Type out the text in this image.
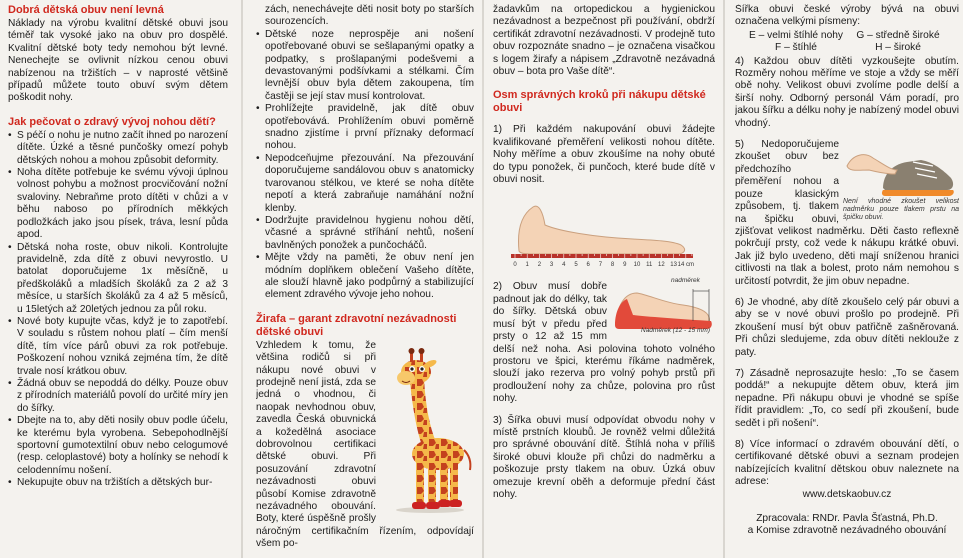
Dobrá dětská obuv není levná

Náklady na výrobu kvalitní dětské obuvi jsou téměř tak vysoké jako na obuv pro dospělé. Kvalitní dětské boty tedy nemohou být levné. Nenechejte se ovlivnit nízkou cenou obuvi nabízenou na tržištích – v naprosté většině případů můžete touto obuví svým dětem poškodit nohy.

Jak pečovat o zdravý vývoj nohou dětí?
• S péčí o nohu je nutno začít ihned po narození dítěte. Úzké a těsné punčošky omezí pohyb dětských nohou a mohou způsobit deformity.
• Noha dítěte potřebuje ke svému vývoji úplnou volnost pohybu a možnost procvičování nožní svaloviny. Nebraňme proto dítěti v chůzi a v běhu naboso po přírodních měkkých podložkách jako jsou písek, tráva, lesní půda apod.
• Dětská noha roste, obuv nikoli. Kontrolujte pravidelně, zda dítě z obuvi nevyrostlo. U batolat doporučujeme 1x měsíčně, u předškoláků a mladších školáků za 2 až 3 měsíce, u starších školáků za 4 až 5 měsíců, u 15letých až 20letých jednou za půl roku.
• Nové boty kupujte včas, když je to zapotřebí. V souladu s růstem nohou platí – čím menší dítě, tím více párů obuvi za rok potřebuje. Poškození nohou vzniká zejména tím, že dítě trvale nosí krátkou obuv.
• Žádná obuv se nepoddá do délky. Pouze obuv z přírodních materiálů povolí do určité míry jen do šířky.
• Dbejte na to, aby děti nosily obuv podle účelu, ke kterému byla vyrobena. Sebepohodlnější sportovní gumotextilní obuv nebo celogumové (resp. celoplastové) boty a holínky se nehodí k celodennímu nošení.
• Nekupujte obuv na tržištích a dětských bur-

zách, nenechávejte děti nosit boty po starších sourozencích.

• Dětské noze neprospěje ani nošení opotřebované obuvi se sešlapanými opatky a podpatky, s prošlapanými podešvemi a devastovanými podšívkami a stélkami. Čím levnější obuv byla dětem zakoupena, tím častěji se její stav musí kontrolovat.
• Prohlížejte pravidelně, jak dítě obuv opotřebovává. Prohlížením obuvi poměrně snadno zjistíme i první příznaky deformací nohou.
• Nepodceňujme přezouvání. Na přezouvání doporučujeme sandálovou obuv s anatomicky tvarovanou stélkou, ve které se noha dítěte nepotí a která zabraňuje namáhání nožní klenby.
• Dodržujte pravidelnou hygienu nohou dětí, včasné a správné stříhání nehtů, nošení bavlněných ponožek a punčocháčů.
• Mějte vždy na paměti, že obuv není jen módním doplňkem oblečení Vašeho dítěte, ale slouží hlavně jako podpůrný a stabilizující element zdravého vývoje jeho nohou.
Žirafa – garant zdravotní nezávadnosti dětské obuvi

Vzhledem k tomu, že většina rodičů si při nákupu nové obuvi v prodejně není jistá, zda se jedná o vhodnou, či naopak nevhodnou obuv, zavedla Česká obuvnická a kožedělná asociace dobrovolnou certifikaci dětské obuvi. Při posuzování zdravotní nezávadnosti obuvi působí Komise zdravotně nezávadného obouvání. Boty, které úspěšně prošly náročným certifikačním řízením, odpovídají všem po-

žadavkům na ortopedickou a hygienickou nezávadnost a bezpečnost při používání, obdrží certifikát zdravotní nezávadnosti. V prodejně tuto obuv rozpoznáte snadno – je označena visačkou s logem žirafy a nápisem „Zdravotně nezávadná obuv – bota pro Vaše dítě“.

Osm správných kroků při nákupu dětské obuvi

1) Při každém nakupování obuvi žádejte kvalifikované přeměření velikosti nohou dítěte. Nohy měříme a obuv zkoušíme na nohy obuté do typu ponožek, či punčoch, které bude dítě v obuvi nosit.

0 1 2 3 4 5 6 7 8 9 10 11 12 13 14 cm
nadměrek
Nadměrek (12 - 15 mm)

2) Obuv musí dobře padnout jak do délky, tak do šířky. Dětská obuv musí být v předu před prsty o 12 až 15 mm delší než noha. Asi polovina tohoto volného prostoru ve špici, kterému říkáme nadměrek, slouží jako rezerva pro volný pohyb prstů při prodloužení nohy za chůze, polovina pro růst nohy.

3) Šířka obuvi musí odpovídat obvodu nohy v místě prstních kloubů. Je rovněž velmi důležitá pro správné obouvání dítě. Štíhlá noha v příliš široké obuvi klouže při chůzi do nadměrku a poškozuje prsty tlakem na obuv. Úzká obuv omezuje krevní oběh a deformuje přední část nohy.

Šířka obuvi české výroby bývá na obuvi označena velkými písmeny:

E – velmi štíhlé nohy	G – středně široké
F – štíhlé	H – široké

4) Každou obuv dítěti vyzkoušejte obutím. Rozměry nohou měříme ve stoje a vždy se měří obě nohy. Velikost obuvi zvolíme podle delší a širší nohy. Odborný personál Vám poradí, pro jakou šířku a délku nohy je nabízený model obuvi vhodný.

Není vhodné zkoušet velikost nadměrku pouze tlakem prstu na špičku obuvi.

5) Nedoporučujeme zkoušet obuv bez předchozího přeměření nohou a pouze klasickým způsobem, tj. tlakem na špičku obuvi, zjišťovat velikost nadměrku. Děti často reflexně pokrčují prsty, což vede k nákupu krátké obuvi. Jak již bylo uvedeno, děti mají sníženou hranici citlivosti na tlak a bolest, proto nám nemohou s určitostí potvrdit, že jim obuv nepadne.

6) Je vhodné, aby dítě zkoušelo celý pár obuvi a aby se v nové obuvi prošlo po prodejně. Při zkoušení musí být obuv patřičně zašněrovaná. Při chůzi sledujeme, zda obuv dítěti neklouže z paty.

7) Zásadně neprosazujte heslo: „To se časem poddá!“ a nekupujte dětem obuv, která jim nepadne. Při nákupu obuvi je vhodné se spíše řídit pravidlem: „To, co sedí při zkoušení, bude sedět i při nošení“.

8) Více informací o zdravém obouvání dětí, o certifikované dětské obuvi a seznam prodejen nabízejících kvalitní dětskou obuv naleznete na adrese:

www.detskaobuv.cz

Zpracovala: RNDr. Pavla Šťastná, Ph.D.

a Komise zdravotně nezávadného obouvání
